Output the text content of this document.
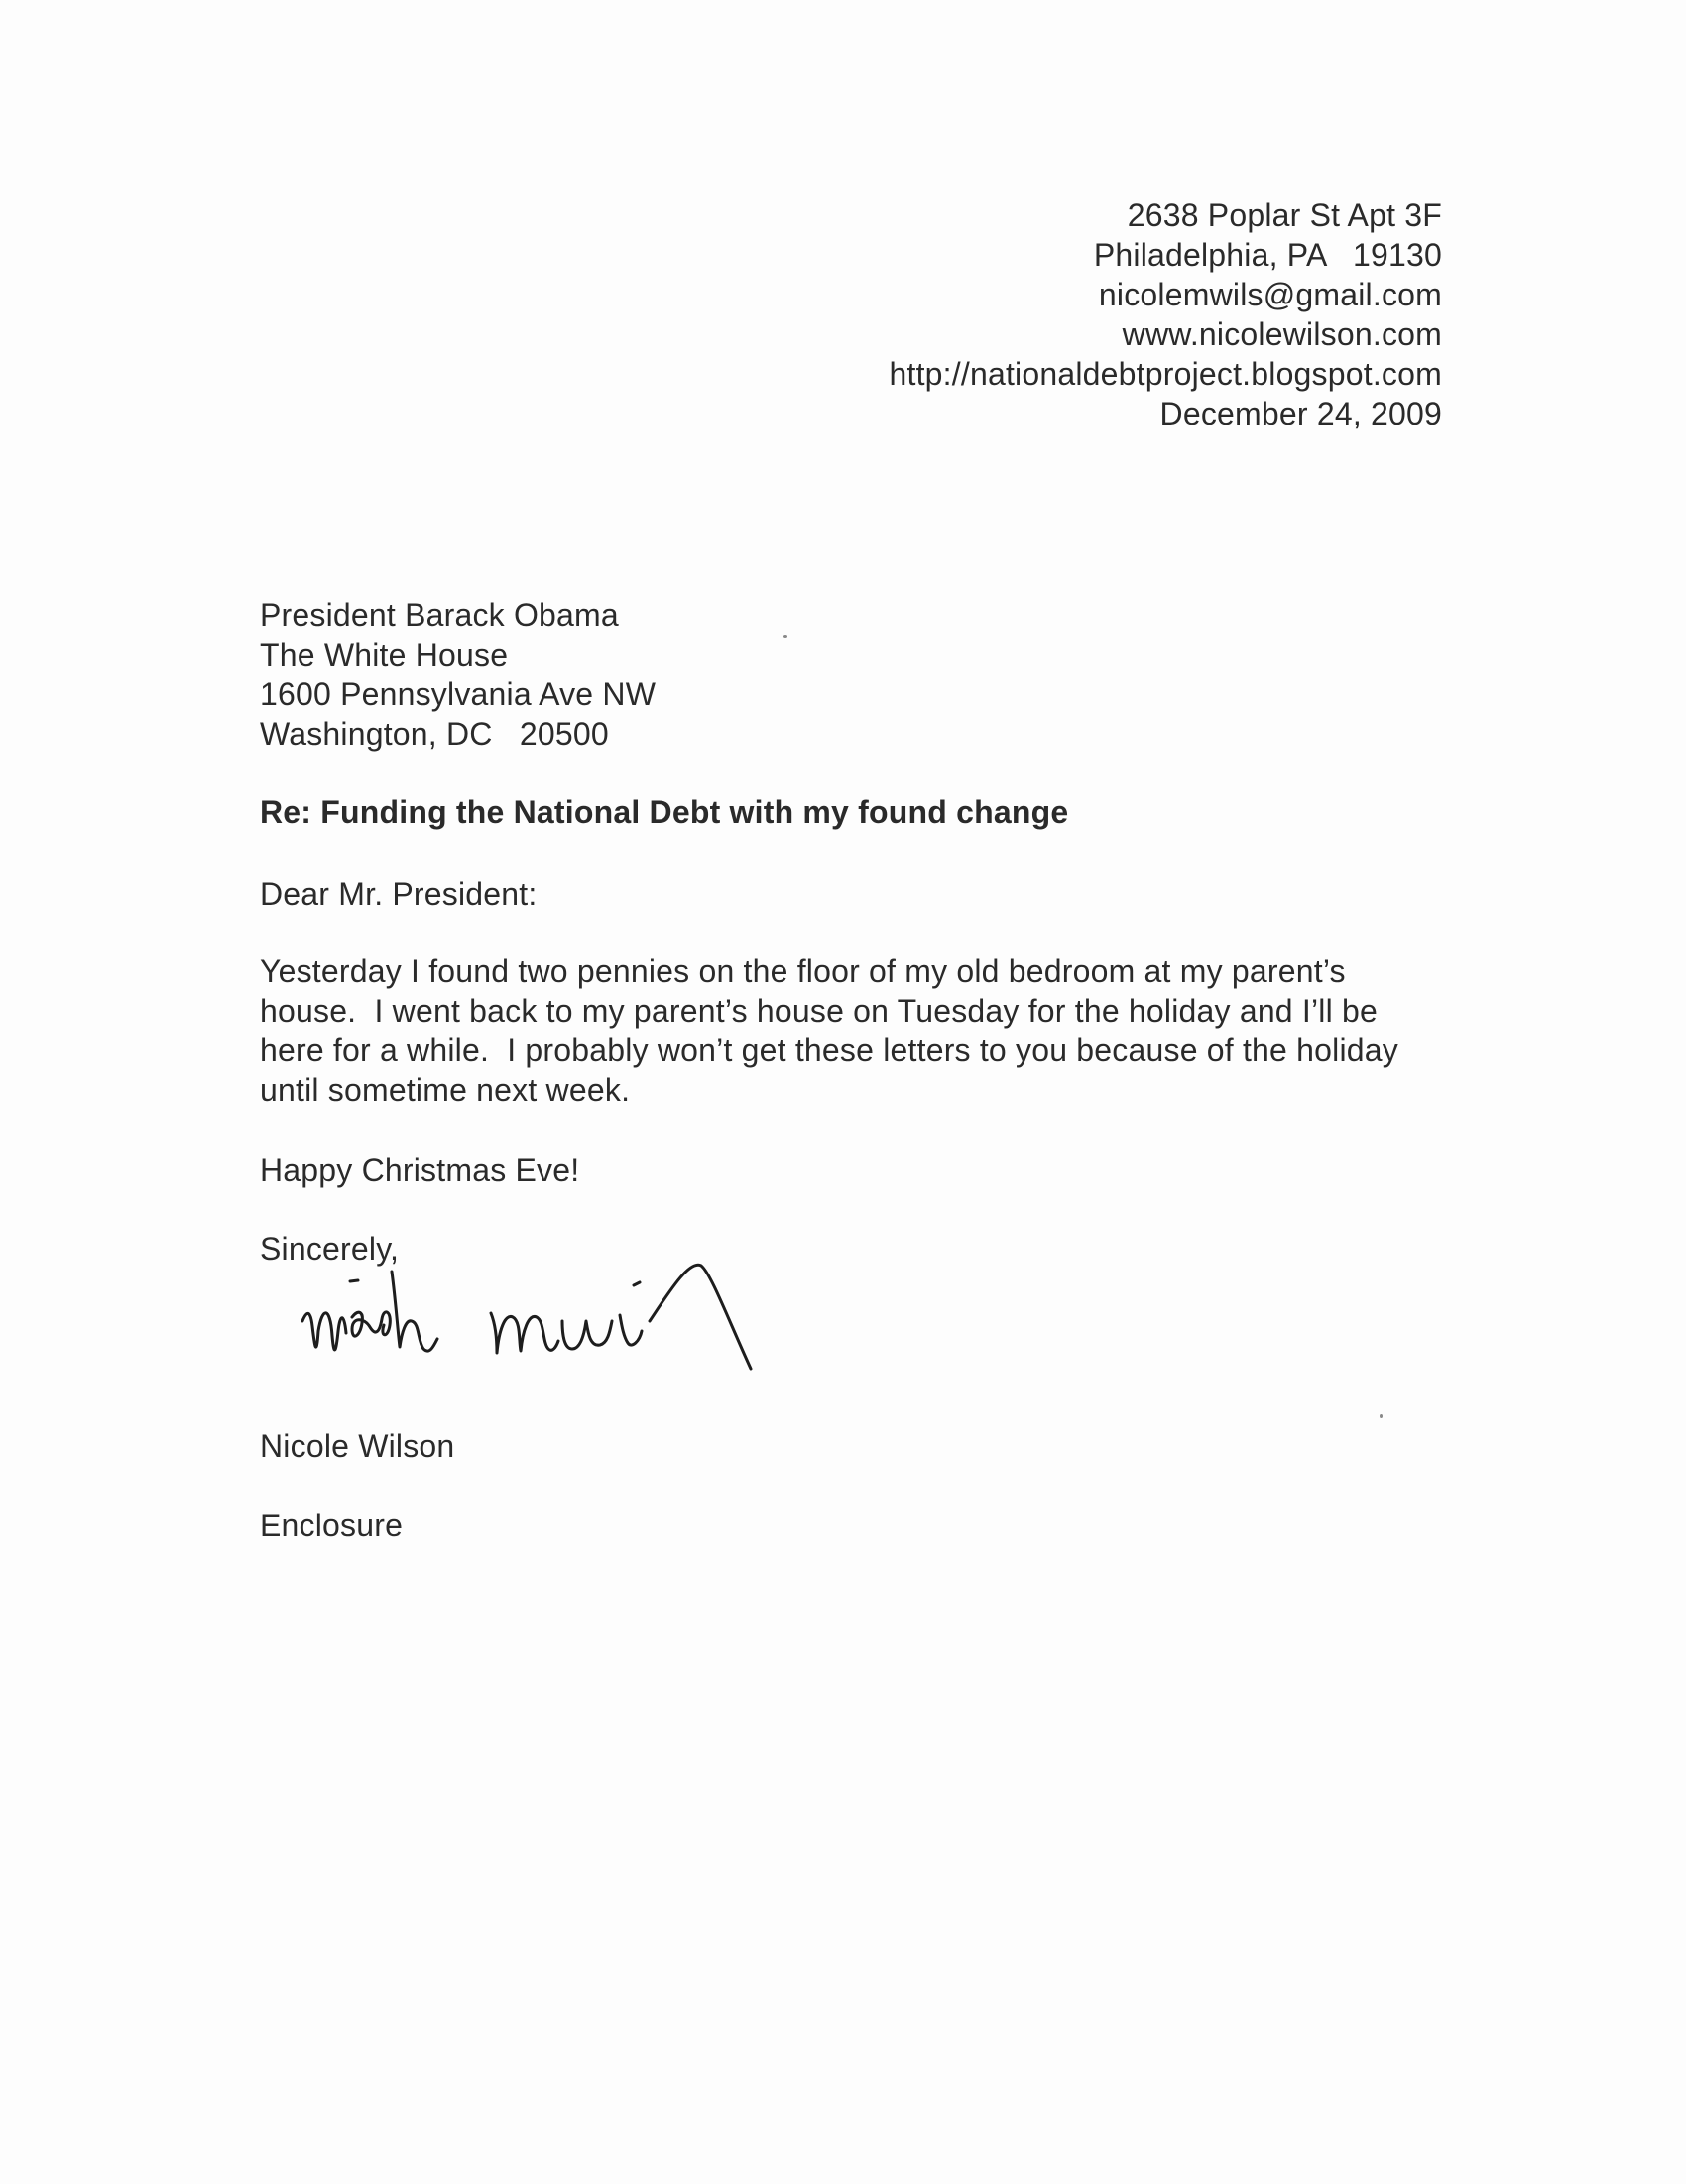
2638 Poplar St Apt 3F
Philadelphia, PA   19130
nicolemwils@gmail.com
www.nicolewilson.com
http://nationaldebtproject.blogspot.com
December 24, 2009
President Barack Obama
The White House
1600 Pennsylvania Ave NW
Washington, DC   20500
Re: Funding the National Debt with my found change
Dear Mr. President:
Yesterday I found two pennies on the floor of my old bedroom at my parent’s
house.  I went back to my parent’s house on Tuesday for the holiday and I’ll be
here for a while.  I probably won’t get these letters to you because of the holiday
until sometime next week.
Happy Christmas Eve!
Sincerely,
Nicole Wilson
Enclosure
